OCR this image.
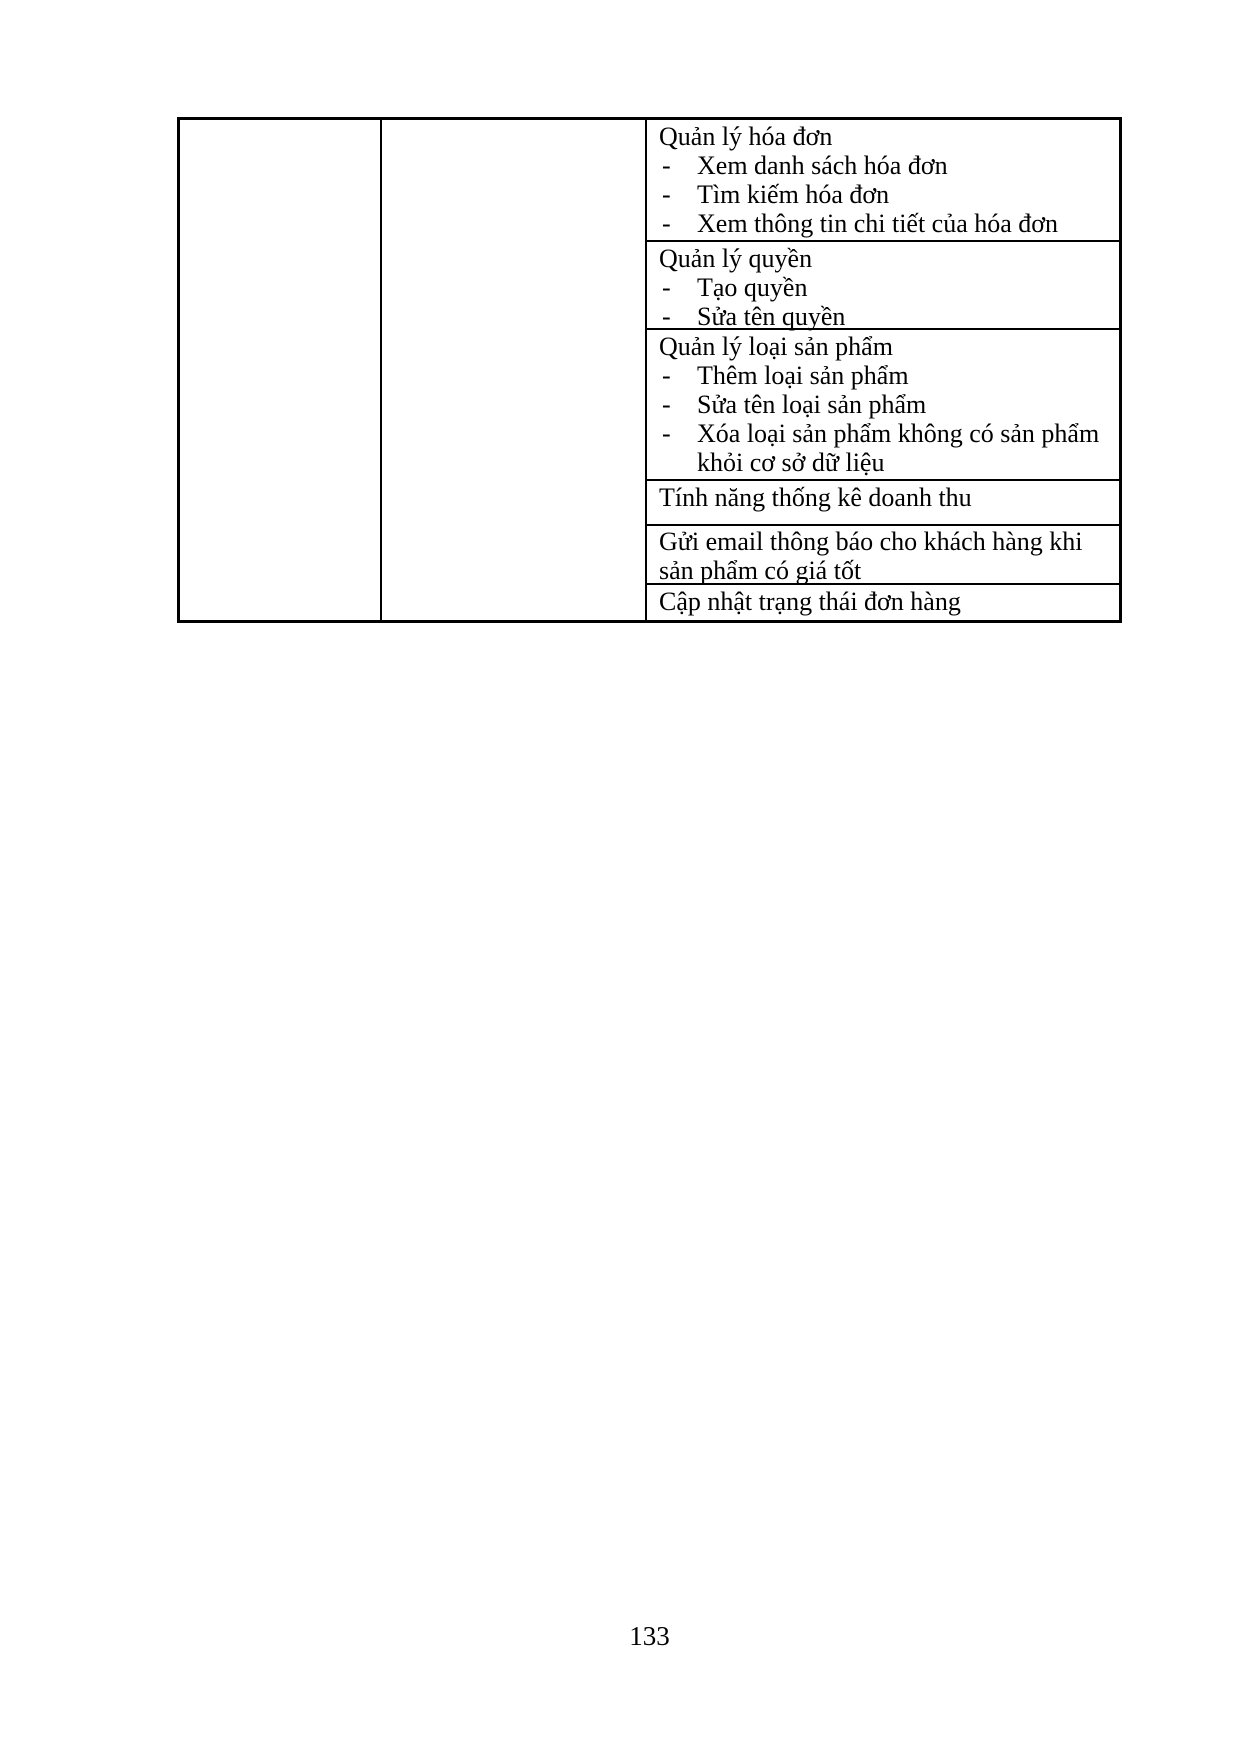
Quản lý hóa đơn
-	Xem danh sách hóa đơn
-	Tìm kiếm hóa đơn
-	Xem thông tin chi tiết của hóa đơn
Quản lý quyền
-	Tạo quyền
-	Sửa tên quyền
Quản lý loại sản phẩm
-	Thêm loại sản phẩm
-	Sửa tên loại sản phẩm
-	Xóa loại sản phẩm không có sản phẩm khỏi cơ sở dữ liệu
Tính năng thống kê doanh thu
Gửi email thông báo cho khách hàng khi sản phẩm có giá tốt
Cập nhật trạng thái đơn hàng
133
